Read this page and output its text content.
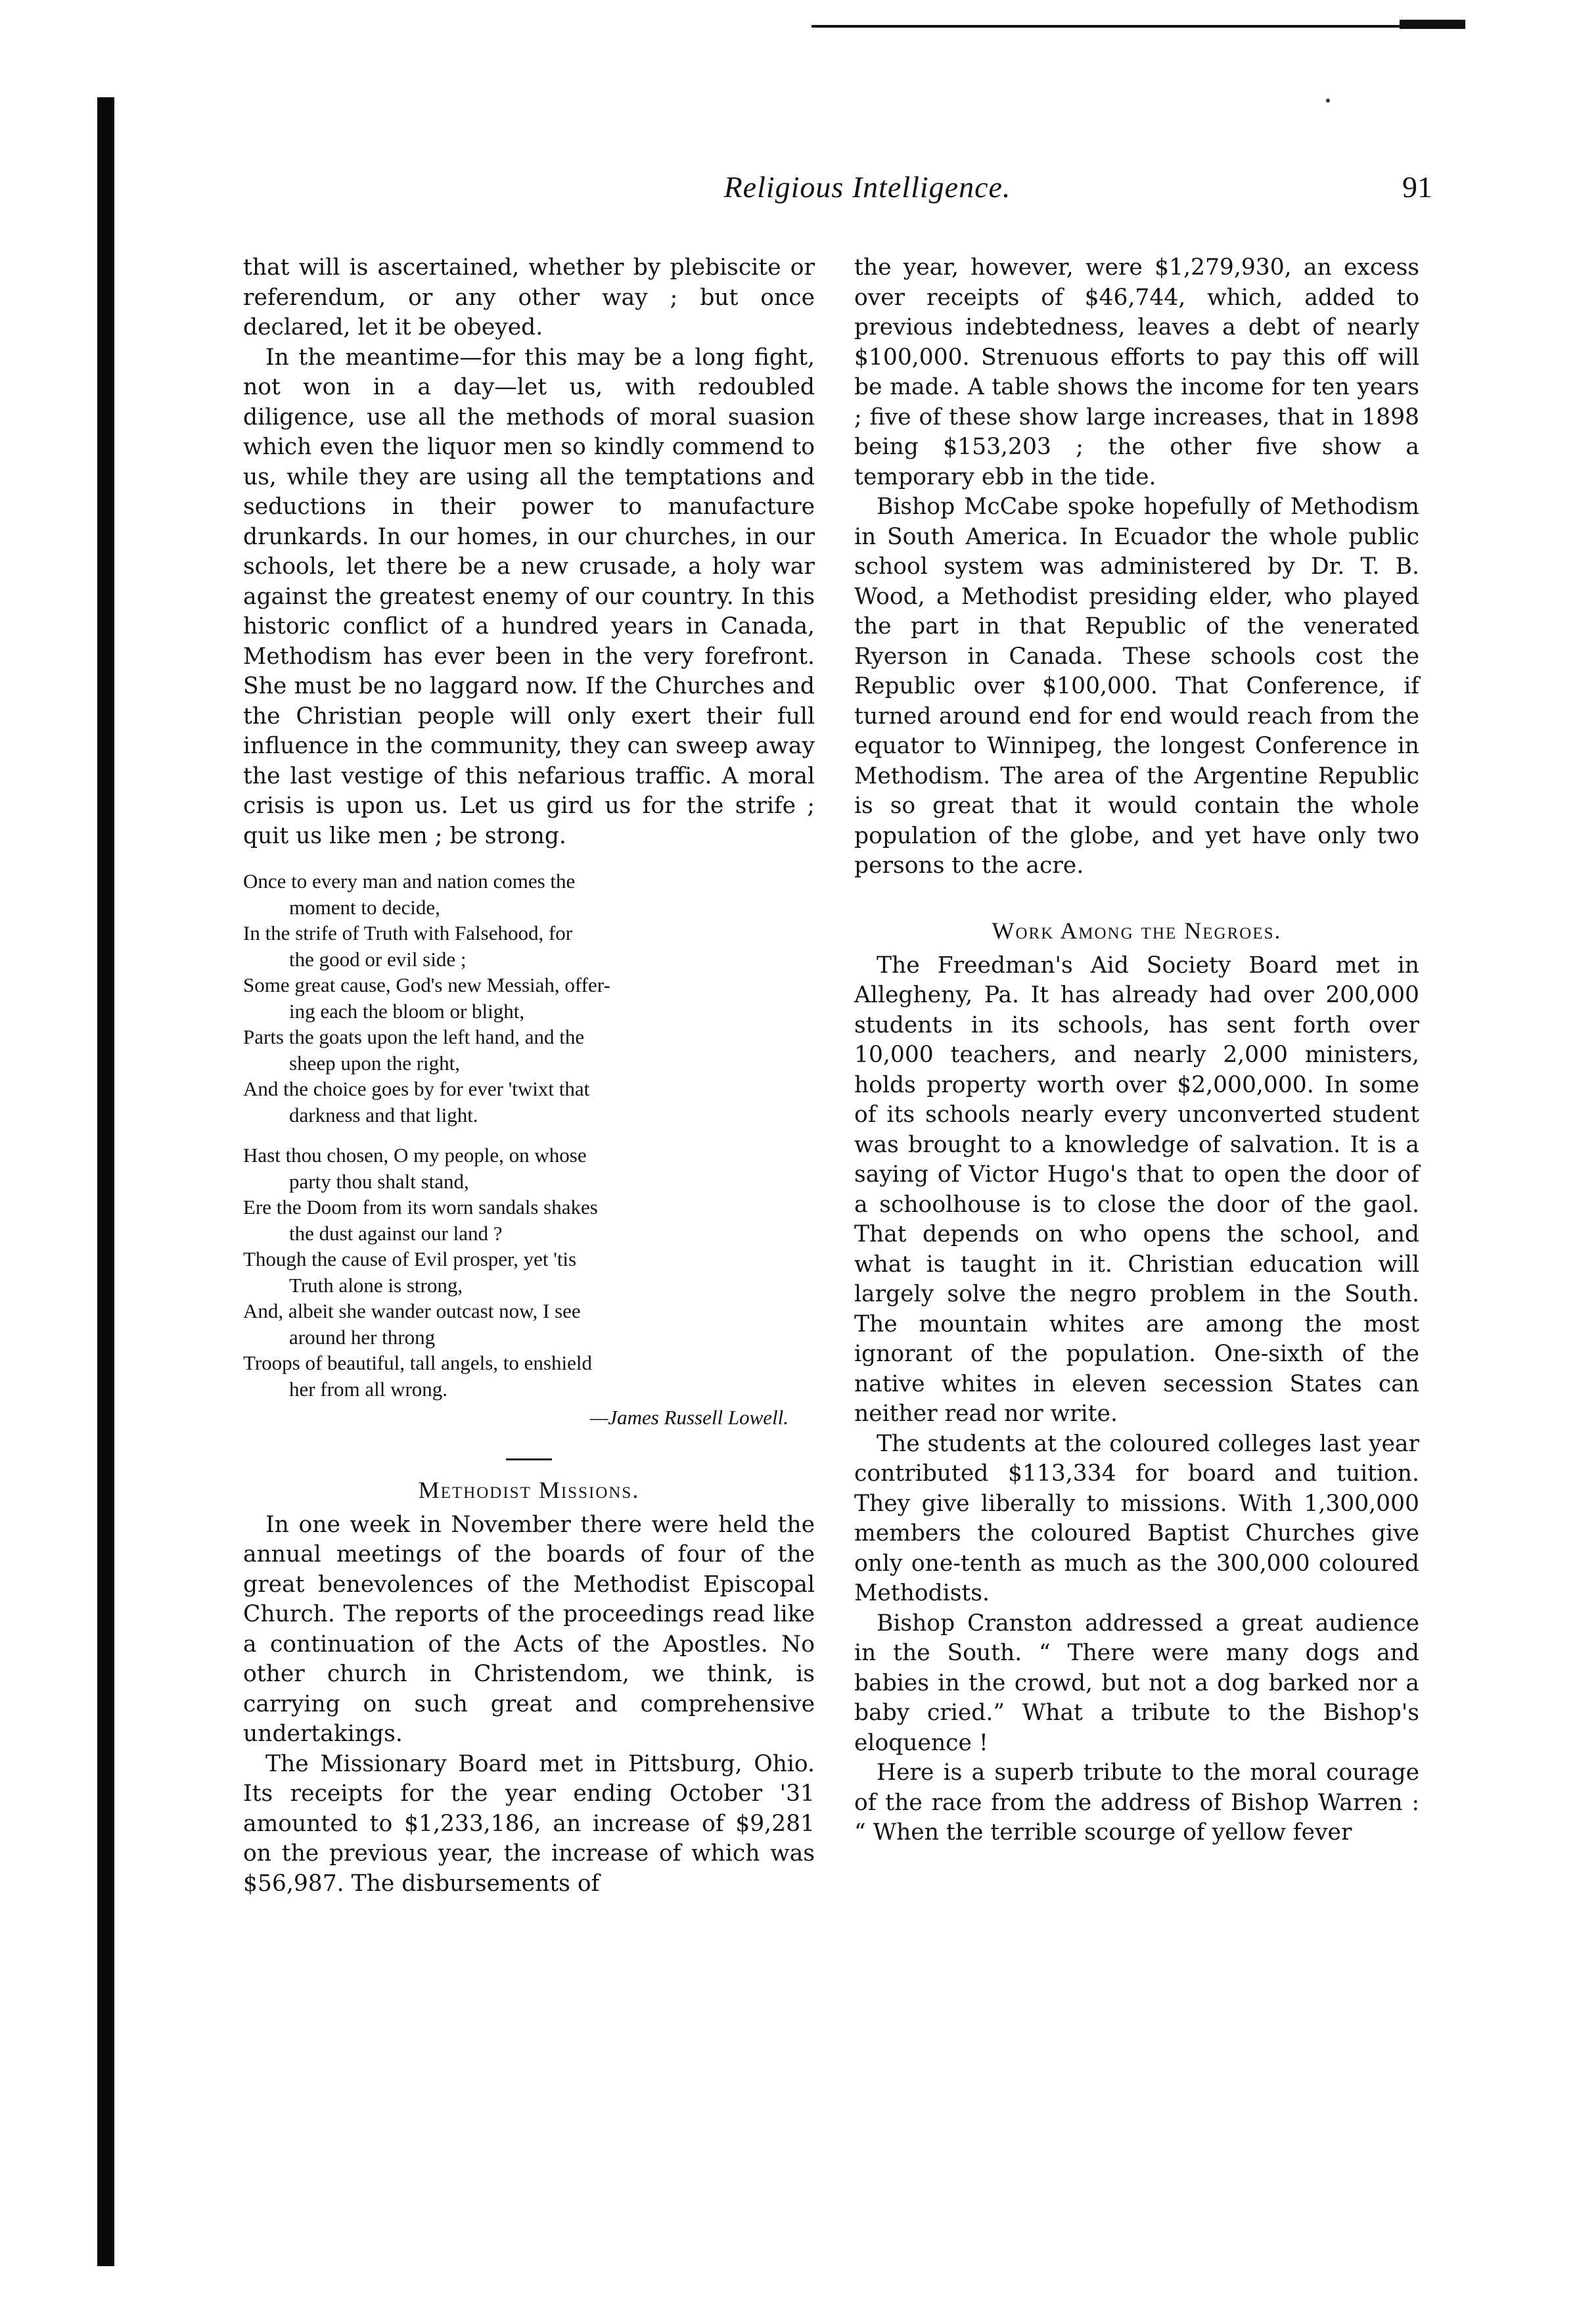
Religious Intelligence.	91

that will is ascertained, whether by plebiscite or referendum, or any other way ; but once declared, let it be obeyed.

In the meantime—for this may be a long fight, not won in a day—let us, with redoubled diligence, use all the methods of moral suasion which even the liquor men so kindly commend to us, while they are using all the temptations and seductions in their power to manufacture drunkards. In our homes, in our churches, in our schools, let there be a new crusade, a holy war against the greatest enemy of our country. In this historic conflict of a hundred years in Canada, Methodism has ever been in the very forefront. She must be no laggard now. If the Churches and the Christian people will only exert their full influence in the community, they can sweep away the last vestige of this nefarious traffic. A moral crisis is upon us. Let us gird us for the strife ; quit us like men ; be strong.

Once to every man and nation comes the
moment to decide,
In the strife of Truth with Falsehood, for
the good or evil side ;
Some great cause, God's new Messiah, offer-
ing each the bloom or blight,
Parts the goats upon the left hand, and the
sheep upon the right,
And the choice goes by for ever 'twixt that
darkness and that light.
Hast thou chosen, O my people, on whose
party thou shalt stand,
Ere the Doom from its worn sandals shakes
the dust against our land ?
Though the cause of Evil prosper, yet 'tis
Truth alone is strong,
And, albeit she wander outcast now, I see
around her throng
Troops of beautiful, tall angels, to enshield
her from all wrong.
—James Russell Lowell.
Methodist Missions.

In one week in November there were held the annual meetings of the boards of four of the great benevolences of the Methodist Episcopal Church. The reports of the proceedings read like a continuation of the Acts of the Apostles. No other church in Christendom, we think, is carrying on such great and comprehensive undertakings.

The Missionary Board met in Pittsburg, Ohio. Its receipts for the year ending October '31 amounted to $1,233,186, an increase of $9,281 on the previous year, the increase of which was $56,987. The disbursements of

the year, however, were $1,279,930, an excess over receipts of $46,744, which, added to previous indebtedness, leaves a debt of nearly $100,000. Strenuous efforts to pay this off will be made. A table shows the income for ten years ; five of these show large increases, that in 1898 being $153,203 ; the other five show a temporary ebb in the tide.

Bishop McCabe spoke hopefully of Methodism in South America. In Ecuador the whole public school system was administered by Dr. T. B. Wood, a Methodist presiding elder, who played the part in that Republic of the venerated Ryerson in Canada. These schools cost the Republic over $100,000. That Conference, if turned around end for end would reach from the equator to Winnipeg, the longest Conference in Methodism. The area of the Argentine Republic is so great that it would contain the whole population of the globe, and yet have only two persons to the acre.

Work Among the Negroes.

The Freedman's Aid Society Board met in Allegheny, Pa. It has already had over 200,000 students in its schools, has sent forth over 10,000 teachers, and nearly 2,000 ministers, holds property worth over $2,000,000. In some of its schools nearly every unconverted student was brought to a knowledge of salvation. It is a saying of Victor Hugo's that to open the door of a schoolhouse is to close the door of the gaol. That depends on who opens the school, and what is taught in it. Christian education will largely solve the negro problem in the South. The mountain whites are among the most ignorant of the population. One-sixth of the native whites in eleven secession States can neither read nor write.

The students at the coloured colleges last year contributed $113,334 for board and tuition. They give liberally to missions. With 1,300,000 members the coloured Baptist Churches give only one-tenth as much as the 300,000 coloured Methodists.

Bishop Cranston addressed a great audience in the South. “ There were many dogs and babies in the crowd, but not a dog barked nor a baby cried.” What a tribute to the Bishop's eloquence !

Here is a superb tribute to the moral courage of the race from the address of Bishop Warren : “ When the terrible scourge of yellow fever
